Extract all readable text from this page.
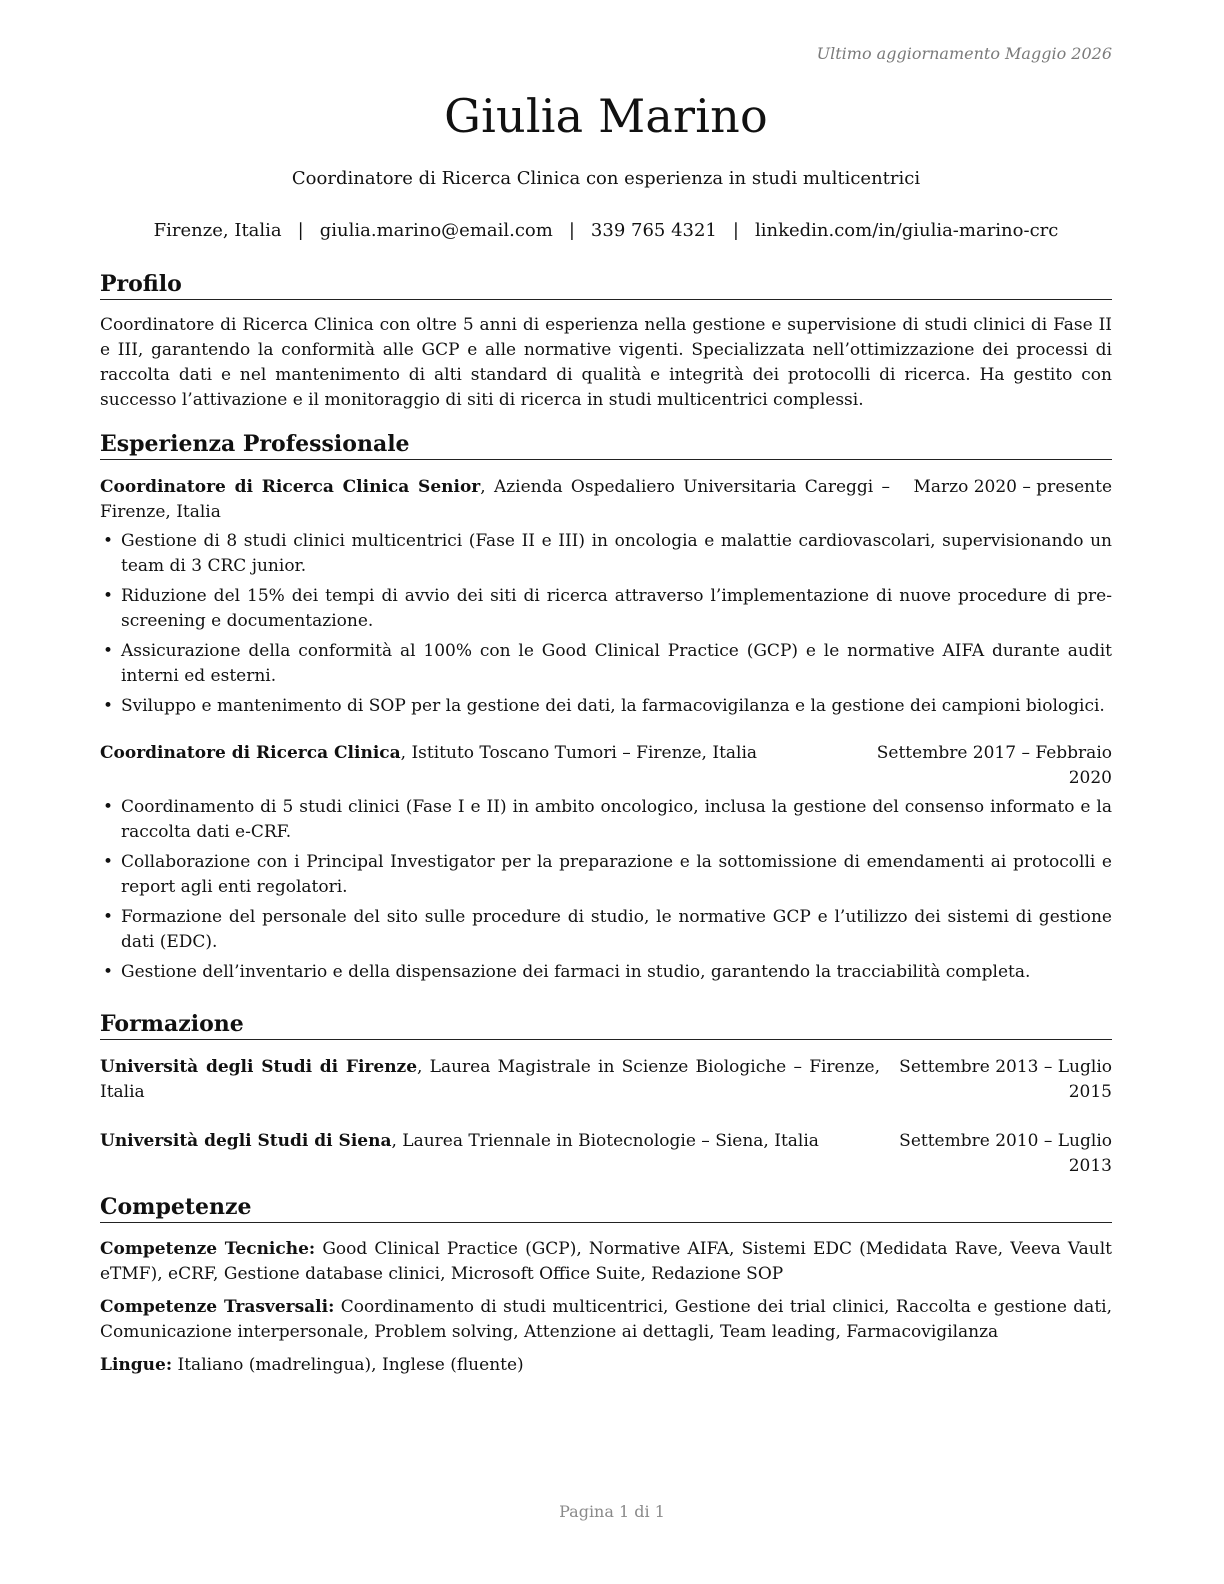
Ultimo aggiornamento Maggio 2026
Giulia Marino
Coordinatore di Ricerca Clinica con esperienza in studi multicentrici
Firenze, Italia | giulia.marino@email.com | 339 765 4321 | linkedin.com/in/giulia-marino-crc
Profilo
Coordinatore di Ricerca Clinica con oltre 5 anni di esperienza nella gestione e supervisione di studi clinici di Fase II e III, garantendo la conformità alle GCP e alle normative vigenti. Specializzata nell’ottimizzazione dei processi di raccolta dati e nel mantenimento di alti standard di qualità e integrità dei protocolli di ricerca. Ha gestito con successo l’attivazione e il monitoraggio di siti di ricerca in studi multicentrici complessi.
Esperienza Professionale
Coordinatore di Ricerca Clinica Senior, Azienda Ospedaliero Universitaria Careggi – Firenze, Italia
Marzo 2020 – presente
• Gestione di 8 studi clinici multicentrici (Fase II e III) in oncologia e malattie cardiovascolari, supervisionando un team di 3 CRC junior.
• Riduzione del 15% dei tempi di avvio dei siti di ricerca attraverso l’implementazione di nuove procedure di pre-screening e documentazione.
• Assicurazione della conformità al 100% con le Good Clinical Practice (GCP) e le normative AIFA durante audit interni ed esterni.
• Sviluppo e mantenimento di SOP per la gestione dei dati, la farmacovigilanza e la gestione dei campioni biologici.
Coordinatore di Ricerca Clinica, Istituto Toscano Tumori – Firenze, Italia	Settembre 2017 – Febbraio 2020
• Coordinamento di 5 studi clinici (Fase I e II) in ambito oncologico, inclusa la gestione del consenso informato e la raccolta dati e-CRF.
• Collaborazione con i Principal Investigator per la preparazione e la sottomissione di emendamenti ai protocolli e report agli enti regolatori.
• Formazione del personale del sito sulle procedure di studio, le normative GCP e l’utilizzo dei sistemi di gestione dati (EDC).
• Gestione dell’inventario e della dispensazione dei farmaci in studio, garantendo la tracciabilità completa.
Formazione
Università degli Studi di Firenze, Laurea Magistrale in Scienze Biologiche – Firenze, Italia
Settembre 2013 – Luglio 2015
Università degli Studi di Siena, Laurea Triennale in Biotecnologie – Siena, Italia	Settembre 2010 – Luglio 2013
Competenze
Competenze Tecniche: Good Clinical Practice (GCP), Normative AIFA, Sistemi EDC (Medidata Rave, Veeva Vault eTMF), eCRF, Gestione database clinici, Microsoft Office Suite, Redazione SOP
Competenze Trasversali: Coordinamento di studi multicentrici, Gestione dei trial clinici, Raccolta e gestione dati, Comunicazione interpersonale, Problem solving, Attenzione ai dettagli, Team leading, Farmacovigilanza
Lingue: Italiano (madrelingua), Inglese (fluente)
Pagina 1 di 1
